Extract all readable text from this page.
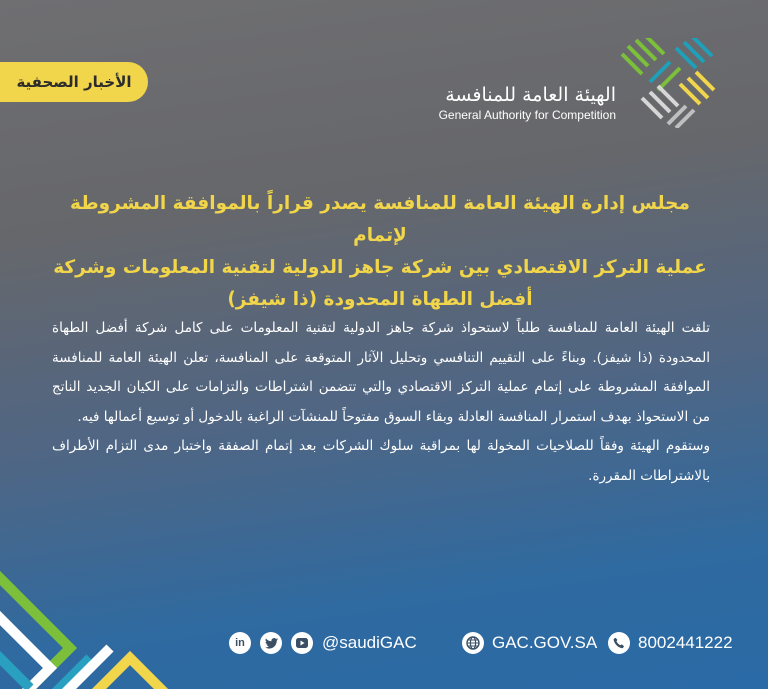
الأخبار الصحفية
الهيئة العامة للمنافسة
General Authority for Competition
مجلس إدارة الهيئة العامة للمنافسة يصدر قراراً بالموافقة المشروطة لإتمام
عملية التركز الاقتصادي بين شركة جاهز الدولية لتقنية المعلومات وشركة
أفضل الطهاة المحدودة (ذا شيفز)

تلقت الهيئة العامة للمنافسة طلباً لاستحواذ شركة جاهز الدولية لتقنية المعلومات على كامل شركة أفضل الطهاة المحدودة (ذا شيفز). وبناءً على التقييم التنافسي وتحليل الآثار المتوقعة على المنافسة، تعلن الهيئة العامة للمنافسة الموافقة المشروطة على إتمام عملية التركز الاقتصادي والتي تتضمن اشتراطات والتزامات على الكيان الجديد الناتج من الاستحواذ بهدف استمرار المنافسة العادلة وبقاء السوق مفتوحاً للمنشآت الراغبة بالدخول أو توسيع أعمالها فيه.

وستقوم الهيئة وفقاً للصلاحيات المخولة لها بمراقبة سلوك الشركات بعد إتمام الصفقة واختبار مدى التزام الأطراف بالاشتراطات المقررة.

in	@saudiGAC	GAC.GOV.SA 8002441222
